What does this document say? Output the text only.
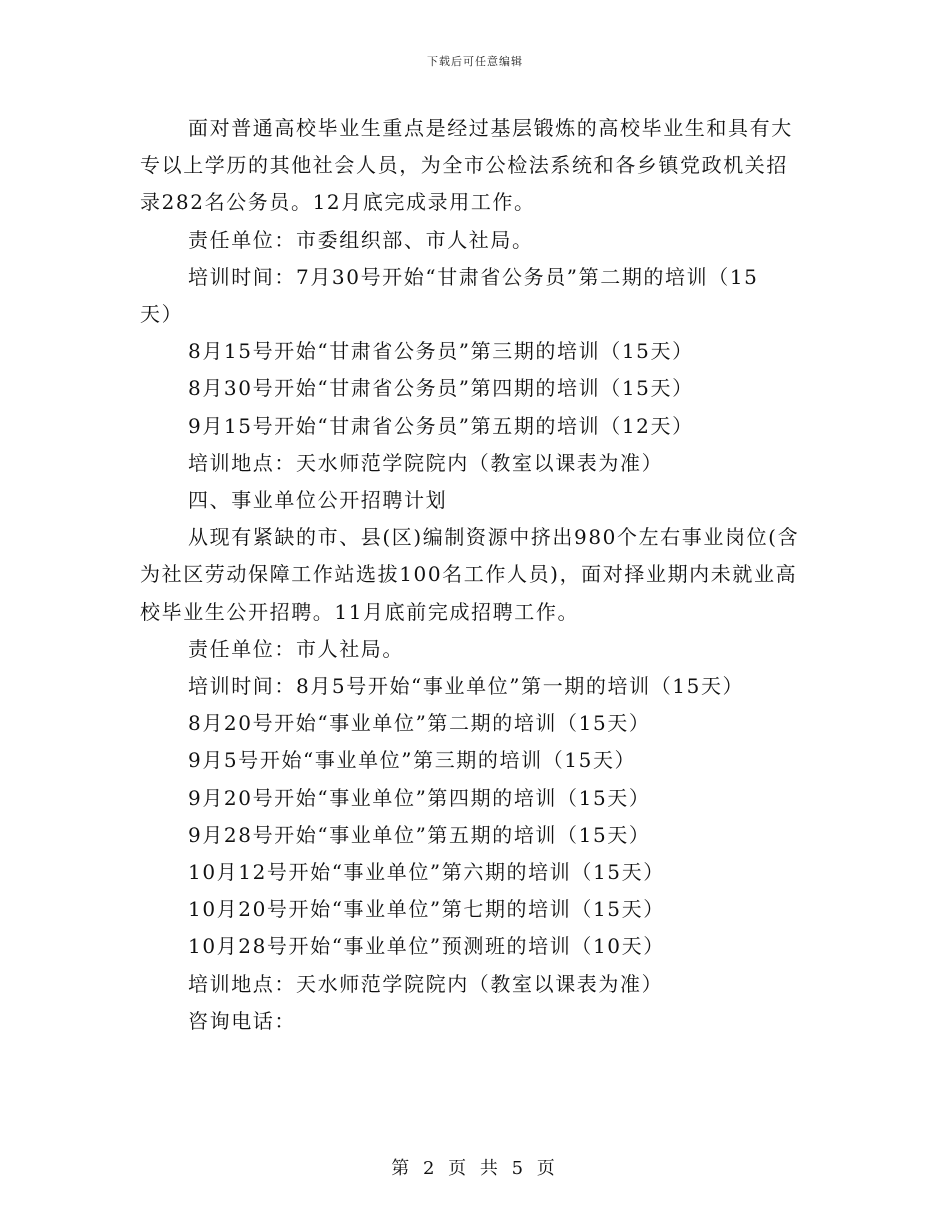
下载后可任意编辑

面对普通高校毕业生重点是经过基层锻炼的高校毕业生和具有大
专以上学历的其他社会人员，为全市公检法系统和各乡镇党政机关招
录282名公务员。12月底完成录用工作。

责任单位：市委组织部、市人社局。

培训时间：7月30号开始“甘肃省公务员”第二期的培训（15
天）

8月15号开始“甘肃省公务员”第三期的培训（15天）

8月30号开始“甘肃省公务员”第四期的培训（15天）

9月15号开始“甘肃省公务员”第五期的培训（12天）

培训地点：天水师范学院院内（教室以课表为准）

四、事业单位公开招聘计划

从现有紧缺的市、县(区)编制资源中挤出980个左右事业岗位(含
为社区劳动保障工作站选拔100名工作人员)，面对择业期内未就业高
校毕业生公开招聘。11月底前完成招聘工作。

责任单位：市人社局。

培训时间：8月5号开始“事业单位”第一期的培训（15天）

8月20号开始“事业单位”第二期的培训（15天）

9月5号开始“事业单位”第三期的培训（15天）

9月20号开始“事业单位”第四期的培训（15天）

9月28号开始“事业单位”第五期的培训（15天）

10月12号开始“事业单位”第六期的培训（15天）

10月20号开始“事业单位”第七期的培训（15天）

10月28号开始“事业单位”预测班的培训（10天）

培训地点：天水师范学院院内（教室以课表为准）

咨询电话：

第 2 页 共 5 页
